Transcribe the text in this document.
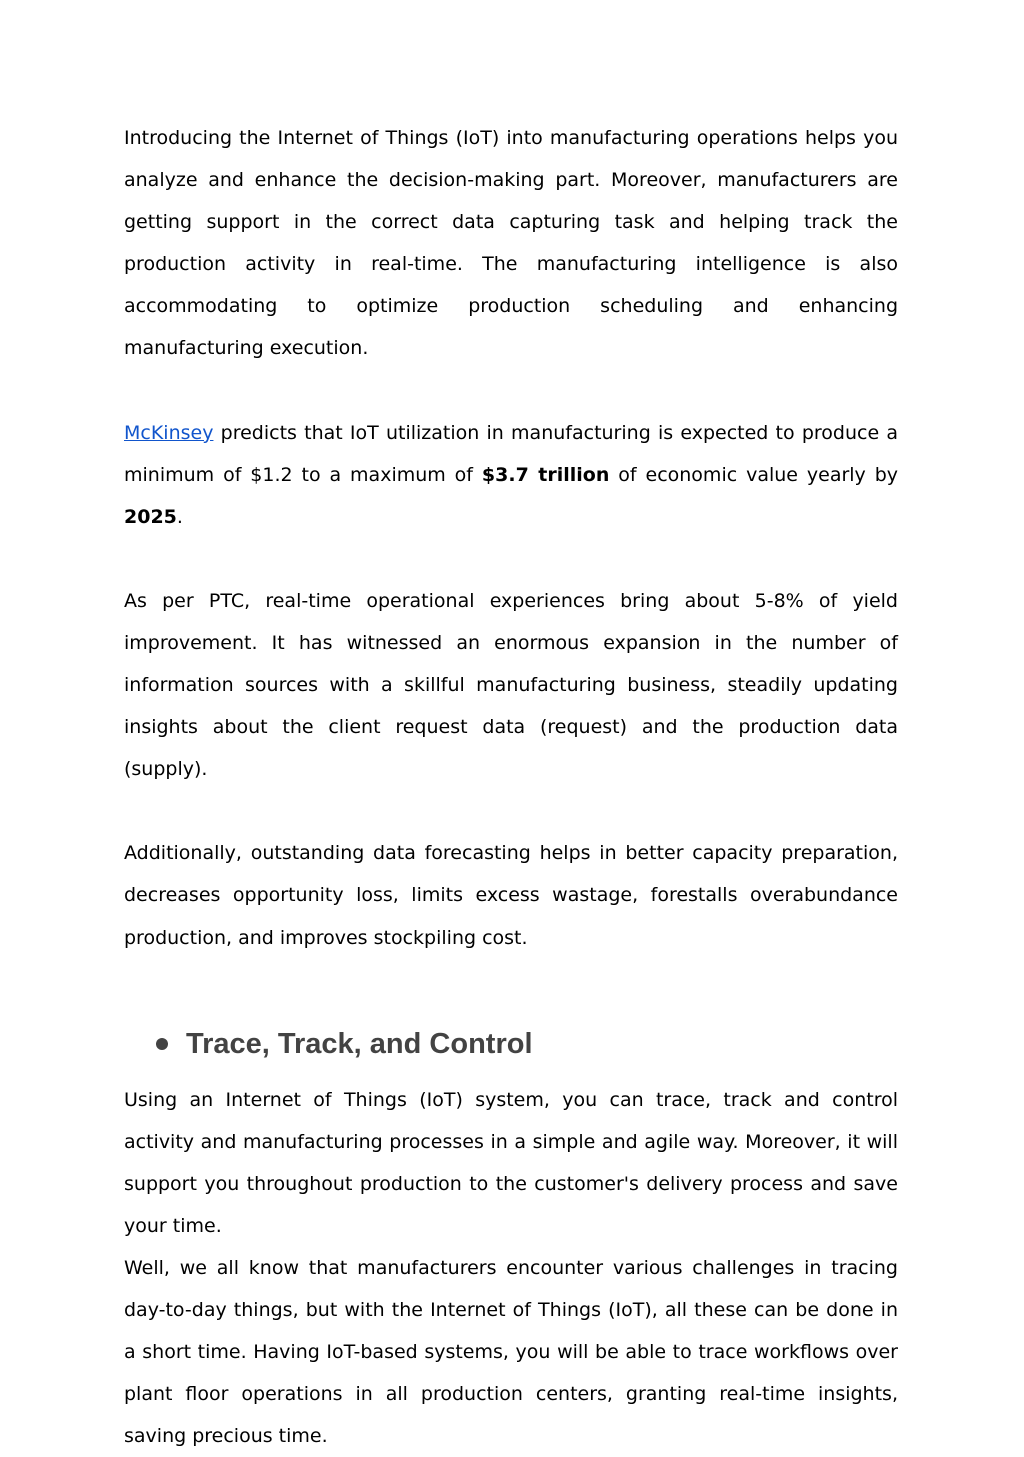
Introducing the Internet of Things (IoT) into manufacturing operations helps you analyze and enhance the decision-making part. Moreover, manufacturers are getting support in the correct data capturing task and helping track the production activity in real-time. The manufacturing intelligence is also accommodating to optimize production scheduling and enhancing manufacturing execution.

McKinsey predicts that IoT utilization in manufacturing is expected to produce a minimum of $1.2 to a maximum of $3.7 trillion of economic value yearly by 2025.

As per PTC, real-time operational experiences bring about 5-8% of yield improvement. It has witnessed an enormous expansion in the number of information sources with a skillful manufacturing business, steadily updating insights about the client request data (request) and the production data (supply).

Additionally, outstanding data forecasting helps in better capacity preparation, decreases opportunity loss, limits excess wastage, forestalls overabundance production, and improves stockpiling cost.

Trace, Track, and Control

Using an Internet of Things (IoT) system, you can trace, track and control activity and manufacturing processes in a simple and agile way. Moreover, it will support you throughout production to the customer's delivery process and save your time.

Well, we all know that manufacturers encounter various challenges in tracing day-to-day things, but with the Internet of Things (IoT), all these can be done in a short time. Having IoT-based systems, you will be able to trace workflows over plant floor operations in all production centers, granting real-time insights, saving precious time.
